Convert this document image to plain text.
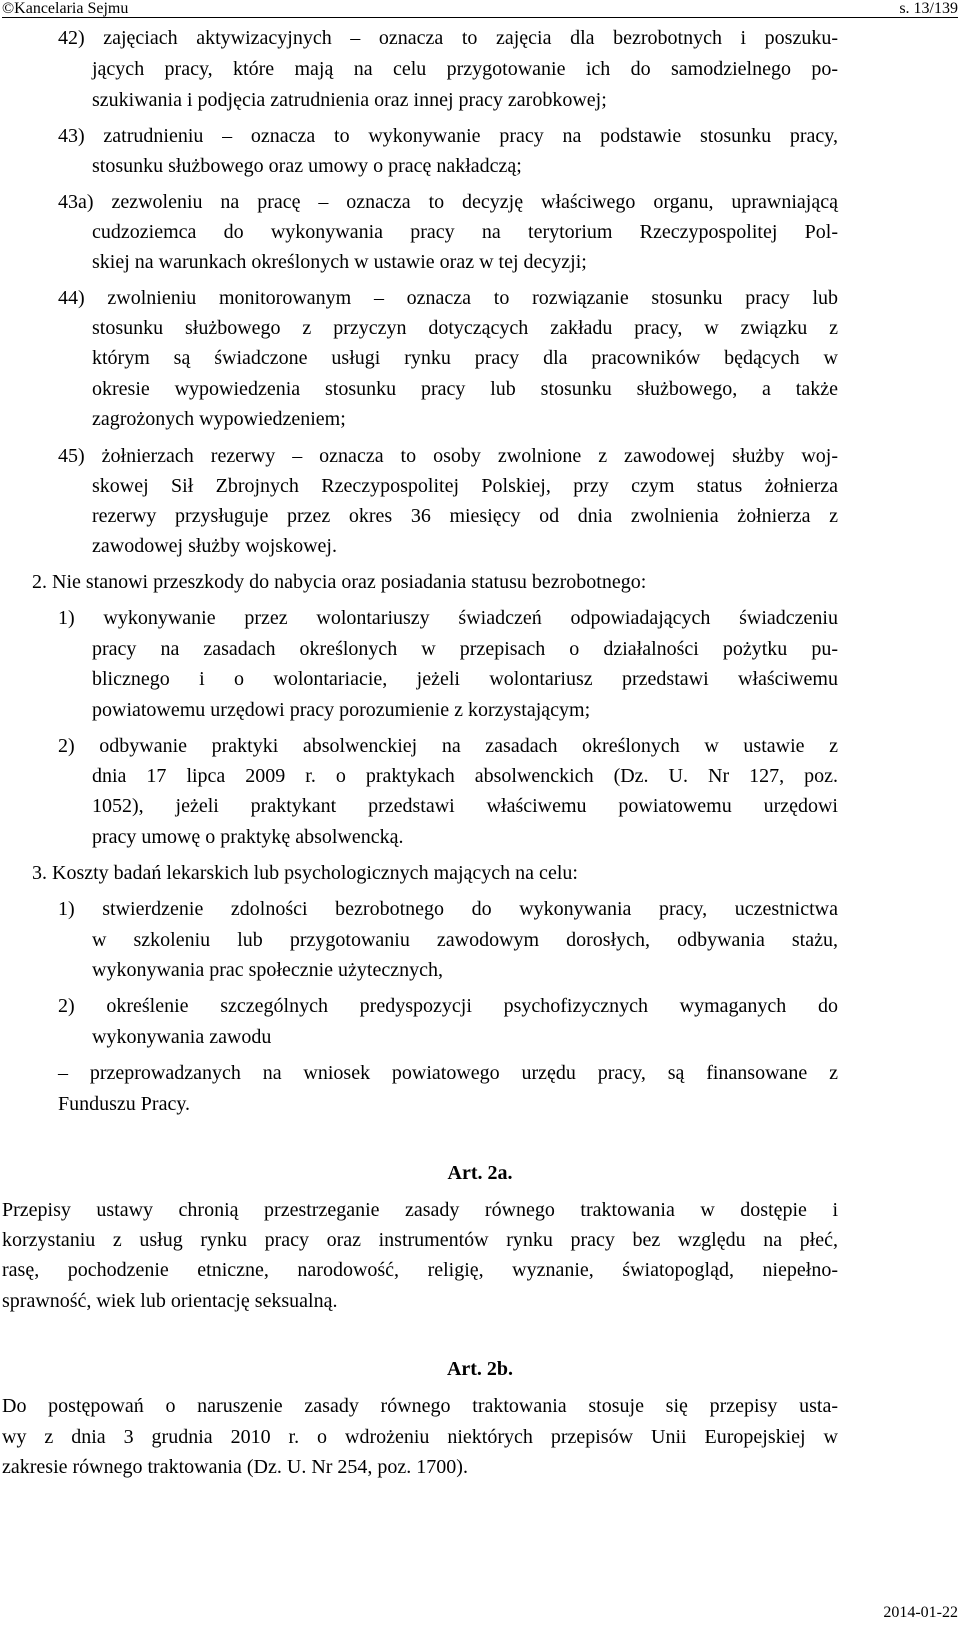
©Kancelaria Sejmu	s. 13/139
42) zajęciach aktywizacyjnych – oznacza to zajęcia dla bezrobotnych i poszuku-
jących pracy, które mają na celu przygotowanie ich do samodzielnego po-
szukiwania i podjęcia zatrudnienia oraz innej pracy zarobkowej;
43) zatrudnieniu – oznacza to wykonywanie pracy na podstawie stosunku pracy,
stosunku służbowego oraz umowy o pracę nakładczą;
43a) zezwoleniu na pracę – oznacza to decyzję właściwego organu, uprawniającą
cudzoziemca do wykonywania pracy na terytorium Rzeczypospolitej Pol-
skiej na warunkach określonych w ustawie oraz w tej decyzji;
44) zwolnieniu monitorowanym – oznacza to rozwiązanie stosunku pracy lub
stosunku służbowego z przyczyn dotyczących zakładu pracy, w związku z
którym są świadczone usługi rynku pracy dla pracowników będących w
okresie wypowiedzenia stosunku pracy lub stosunku służbowego, a także
zagrożonych wypowiedzeniem;
45) żołnierzach rezerwy – oznacza to osoby zwolnione z zawodowej służby woj-
skowej Sił Zbrojnych Rzeczypospolitej Polskiej, przy czym status żołnierza
rezerwy przysługuje przez okres 36 miesięcy od dnia zwolnienia żołnierza z
zawodowej służby wojskowej.
2. Nie stanowi przeszkody do nabycia oraz posiadania statusu bezrobotnego:
1) wykonywanie przez wolontariuszy świadczeń odpowiadających świadczeniu
pracy na zasadach określonych w przepisach o działalności pożytku pu-
blicznego i o wolontariacie, jeżeli wolontariusz przedstawi właściwemu
powiatowemu urzędowi pracy porozumienie z korzystającym;
2) odbywanie praktyki absolwenckiej na zasadach określonych w ustawie z
dnia 17 lipca 2009 r. o praktykach absolwenckich (Dz. U. Nr 127, poz.
1052), jeżeli praktykant przedstawi właściwemu powiatowemu urzędowi
pracy umowę o praktykę absolwencką.
3. Koszty badań lekarskich lub psychologicznych mających na celu:
1) stwierdzenie zdolności bezrobotnego do wykonywania pracy, uczestnictwa
w szkoleniu lub przygotowaniu zawodowym dorosłych, odbywania stażu,
wykonywania prac społecznie użytecznych,
2) określenie szczególnych predyspozycji psychofizycznych wymaganych do
wykonywania zawodu
– przeprowadzanych na wniosek powiatowego urzędu pracy, są finansowane z
Funduszu Pracy.
Art. 2a.
Przepisy ustawy chronią przestrzeganie zasady równego traktowania w dostępie i
korzystaniu z usług rynku pracy oraz instrumentów rynku pracy bez względu na płeć,
rasę, pochodzenie etniczne, narodowość, religię, wyznanie, światopogląd, niepełno-
sprawność, wiek lub orientację seksualną.
Art. 2b.
Do postępowań o naruszenie zasady równego traktowania stosuje się przepisy usta-
wy z dnia 3 grudnia 2010 r. o wdrożeniu niektórych przepisów Unii Europejskiej w
zakresie równego traktowania (Dz. U. Nr 254, poz. 1700).
2014-01-22
